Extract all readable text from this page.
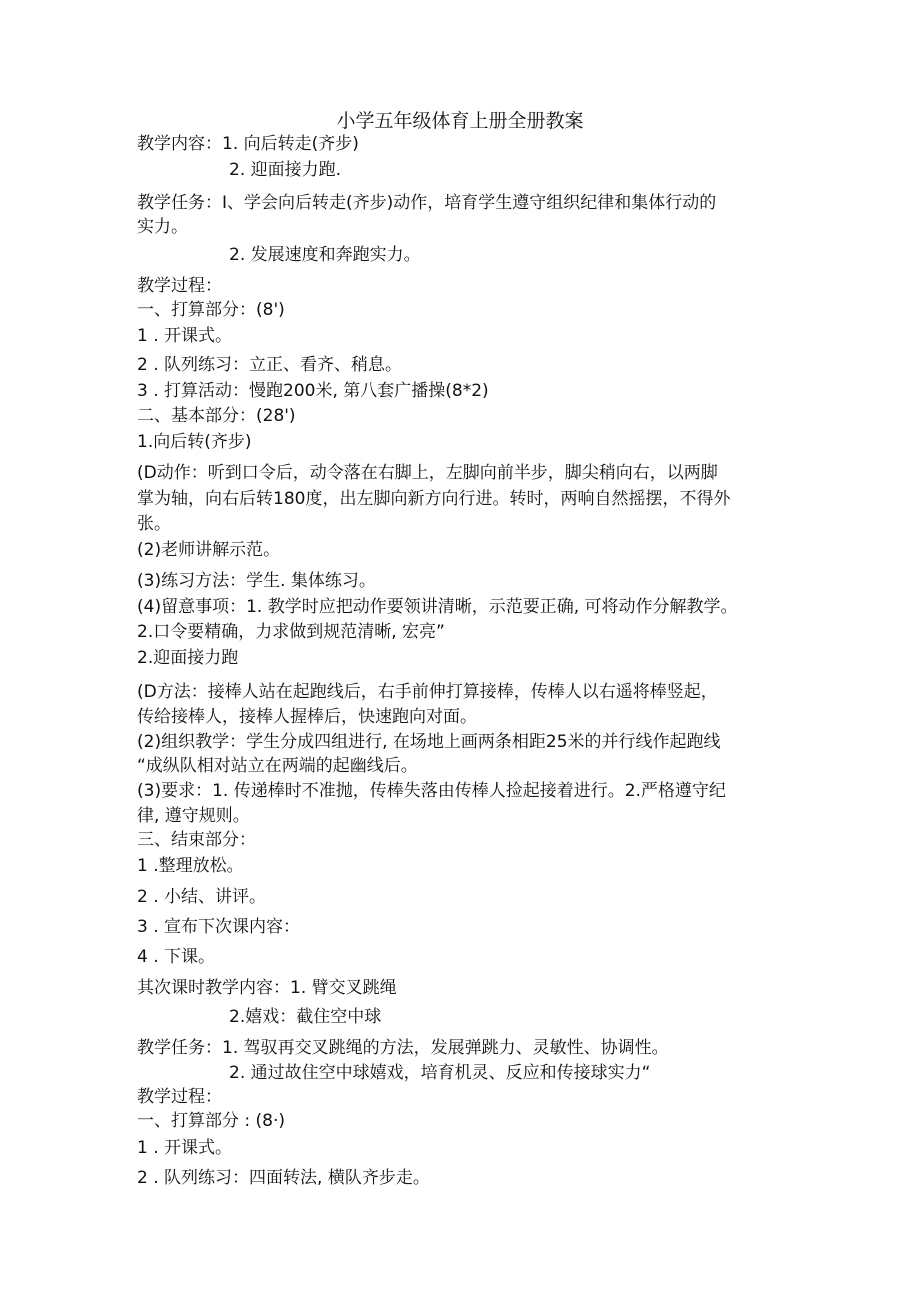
小学五年级体育上册全册教案
教学内容：1. 向后转走(齐步)
2. 迎面接力跑.
教学任务：I、学会向后转走(齐步)动作，培育学生遵守组织纪律和集体行动的
实力。
2. 发展速度和奔跑实力。
教学过程：
一、打算部分：(8')
1 . 开课式。
2 . 队列练习：立正、看齐、稍息。
3 . 打算活动：慢跑200米, 第八套广播操(8*2)
二、基本部分：(28')
1.向后转(齐步)
(D动作：听到口令后，动令落在右脚上，左脚向前半步，脚尖稍向右，以两脚
掌为轴，向右后转180度，出左脚向新方向行进。转时，两响自然摇摆，不得外
张。
(2)老师讲解示范。
(3)练习方法：学生. 集体练习。
(4)留意事项：1. 教学时应把动作要领讲清晰，示范要正确, 可将动作分解教学。
2.口令要精确，力求做到规范清晰, 宏亮”
2.迎面接力跑
(D方法：接棒人站在起跑线后，右手前伸打算接棒，传棒人以右遥将棒竖起，
传给接棒人，接棒人握棒后，快速跑向对面。
(2)组织教学：学生分成四组进行, 在场地上画两条相距25米的并行线作起跑线
“成纵队相对站立在两端的起幽线后。
(3)要求：1. 传递棒时不准抛，传棒失落由传棒人捡起接着进行。2.严格遵守纪
律, 遵守规则。
三、结束部分：
1 .整理放松。
2 . 小结、讲评。
3 . 宣布下次课内容：
4 . 下课。
其次课时教学内容：1. 臂交叉跳绳
2.嬉戏：截住空中球
教学任务：1. 驾驭再交叉跳绳的方法，发展弹跳力、灵敏性、协调性。
2. 通过故住空中球嬉戏，培育机灵、反应和传接球实力“
教学过程：
一、打算部分 : (8·)
1 . 开课式。
2 . 队列练习：四面转法, 横队齐步走。
